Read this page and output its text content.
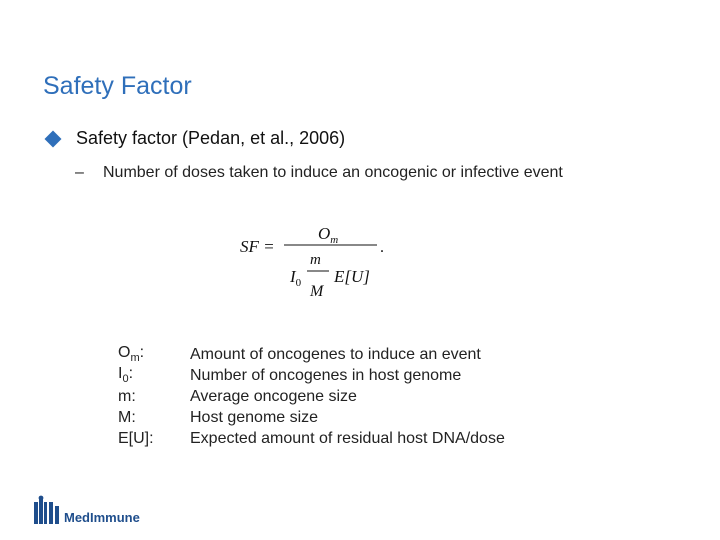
Safety Factor
Safety factor (Pedan, et al., 2006)
– Number of doses taken to induce an oncogenic or infective event
SF =
$O_m$	.
$I_0$
m
M
E[U]
$O_m$:	Amount of oncogenes to induce an event
$I_0$:	Number of oncogenes in host genome
m:	Average oncogene size
M:	Host genome size
E[U]:	Expected amount of residual host DNA/dose
MedImmune
